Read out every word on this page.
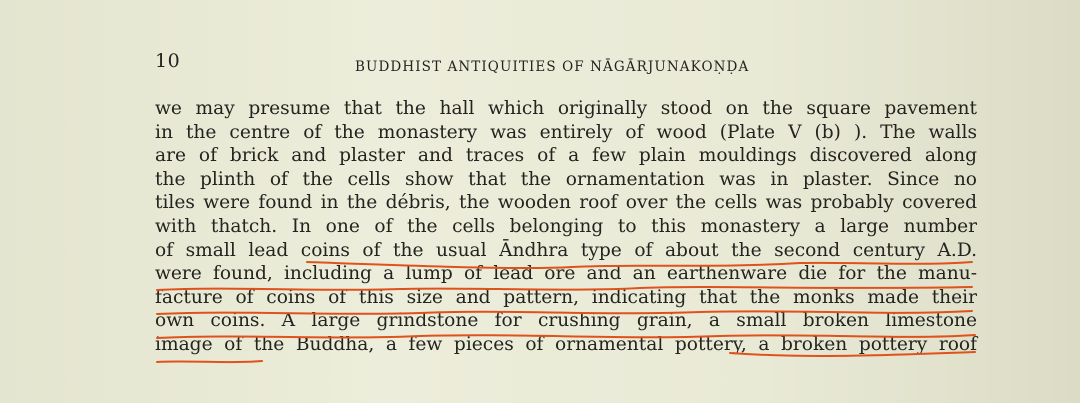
10	BUDDHIST ANTIQUITIES OF NĀGĀRJUNAKOṆḌA
we may presume that the hall which originally stood on the square pavement
in the centre of the monastery was entirely of wood (Plate V (b) ). The walls
are of brick and plaster and traces of a few plain mouldings discovered along
the plinth of the cells show that the ornamentation was in plaster. Since no
tiles were found in the débris, the wooden roof over the cells was probably covered
with thatch. In one of the cells belonging to this monastery a large number
of small lead coins of the usual Āndhra type of about the second century A.D.
were found, including a lump of lead ore and an earthenware die for the manu-
facture of coins of this size and pattern, indicating that the monks made their
own coins. A large grindstone for crushing grain, a small broken limestone
image of the Buddha, a few pieces of ornamental pottery, a broken pottery roof
